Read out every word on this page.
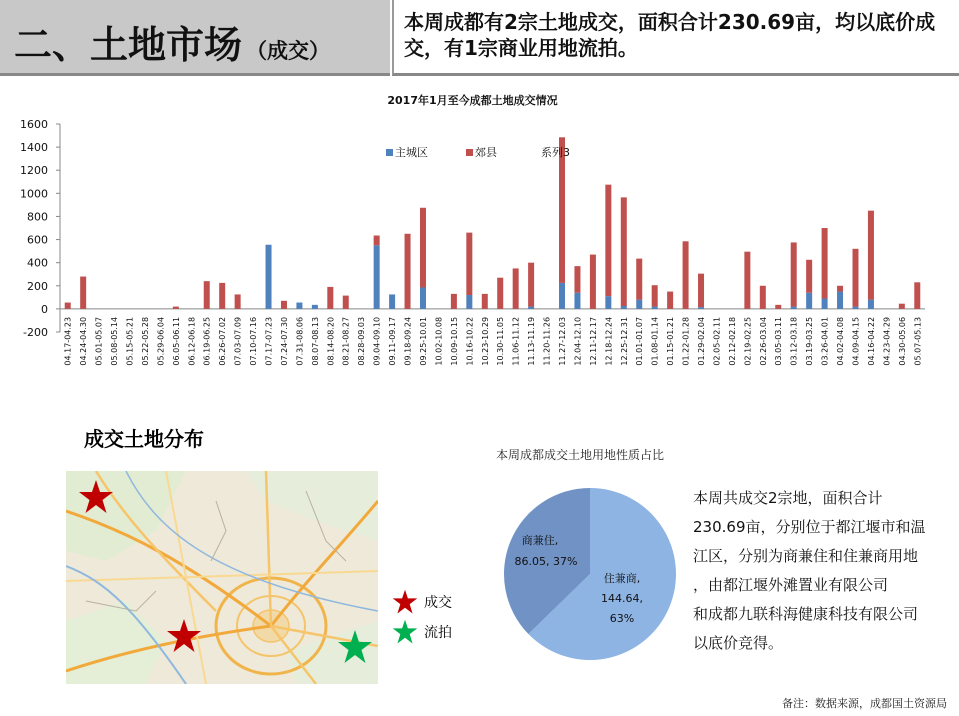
二、土地市场 （成交）
本周成都有2宗土地成交，面积合计230.69亩，均以底价成交，有1宗商业用地流拍。
2017年1月至今成都土地成交情况
-200
0
200
400
600
800
1000
1200
1400
1600
04.17-04.23 04.24-04.30 05.01-05.07 05.08-05.14 05.15-05.21 05.22-05.28 05.29-06.04 06.05-06.11 06.12-06.18 06.19-06.25 06.26-07.02 07.03-07.09 07.10-07.16 07.17-07.23 07.24-07.30 07.31-08.06 08.07-08.13 08.14-08.20 08.21-08.27 08.28-09.03 09.04-09.10 09.11-09.17 09.18-09.24 09.25-10.01 10.02-10.08 10.09-10.15 10.16-10.22 10.23-10.29 10.30-11.05 11.06-11.12 11.13-11.19 11.20-11.26 11.27-12.03 12.04-12.10 12.11-12.17 12.18-12.24 12.25-12.31 01.01-01.07 01.08-01.14 01.15-01.21 01.22-01.28 01.29-02.04 02.05-02.11 02.12-02.18 02.19-02.25 02.26-03.04 03.05-03.11 03.12-03.18 03.19-03.25 03.26-04.01 04.02-04.08 04.09-04.15 04.16-04.22 04.23-04.29 04.30-05.06 05.07-05.13
主城区	郊县	系列3
成交土地分布
成交
流拍
本周成都成交土地用地性质占比
住兼商,
144.64,
63%
商兼住,
86.05, 37%
本周共成交2宗地，面积合计
230.69亩，分别位于都江堰市和温
江区，分别为商兼住和住兼商用地
，由都江堰外滩置业有限公司
和成都九联科海健康科技有限公司
以底价竞得。
备注：数据来源，成都国土资源局
